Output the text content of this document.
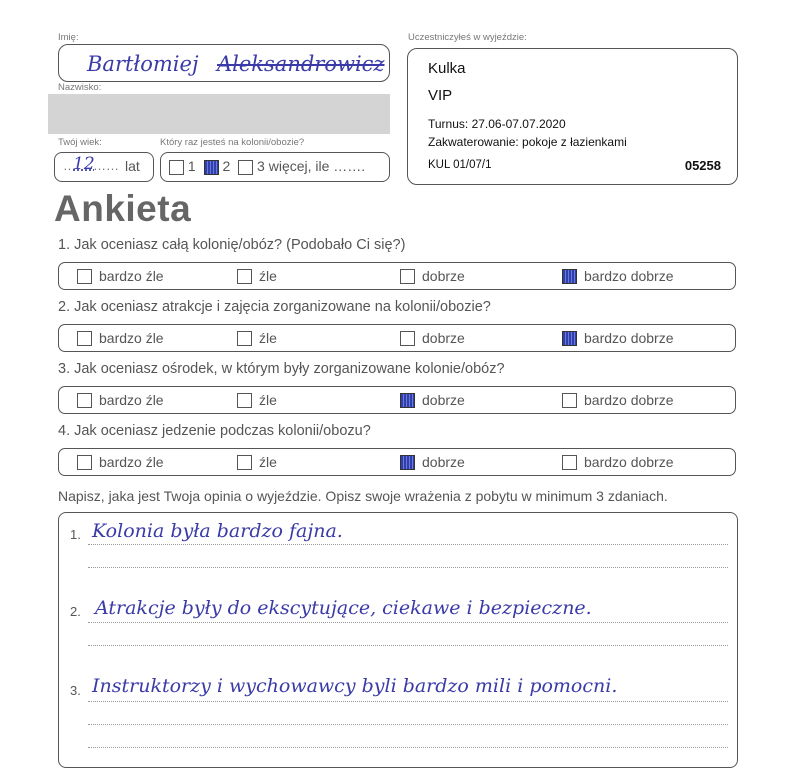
Imię:
Bartłomiej Aleksandrowicz
Nazwisko:
Twój wiek:
…
12
…… lat
Który raz jesteś na kolonii/obozie?
1 2 3 więcej, ile …….
Uczestniczyłeś w wyjeździe:
Kulka
VIP
Turnus: 27.06-07.07.2020
Zakwaterowanie: pokoje z łazienkami
KUL 01/07/1	05258
Ankieta
1. Jak oceniasz całą kolonię/obóz? (Podobało Ci się?)
bardzo źle	źle	dobrze	bardzo dobrze
2. Jak oceniasz atrakcje i zajęcia zorganizowane na kolonii/obozie?
bardzo źle	źle	dobrze	bardzo dobrze
3. Jak oceniasz ośrodek, w którym były zorganizowane kolonie/obóz?
bardzo źle	źle	dobrze	bardzo dobrze
4. Jak oceniasz jedzenie podczas kolonii/obozu?
bardzo źle	źle	dobrze	bardzo dobrze
Napisz, jaka jest Twoja opinia o wyjeździe. Opisz swoje wrażenia z pobytu w minimum 3 zdaniach.
1. Kolonia była bardzo fajna.
2. Atrakcje były do ekscytujące, ciekawe i bezpieczne.
3. Instruktorzy i wychowawcy byli bardzo mili i pomocni.
